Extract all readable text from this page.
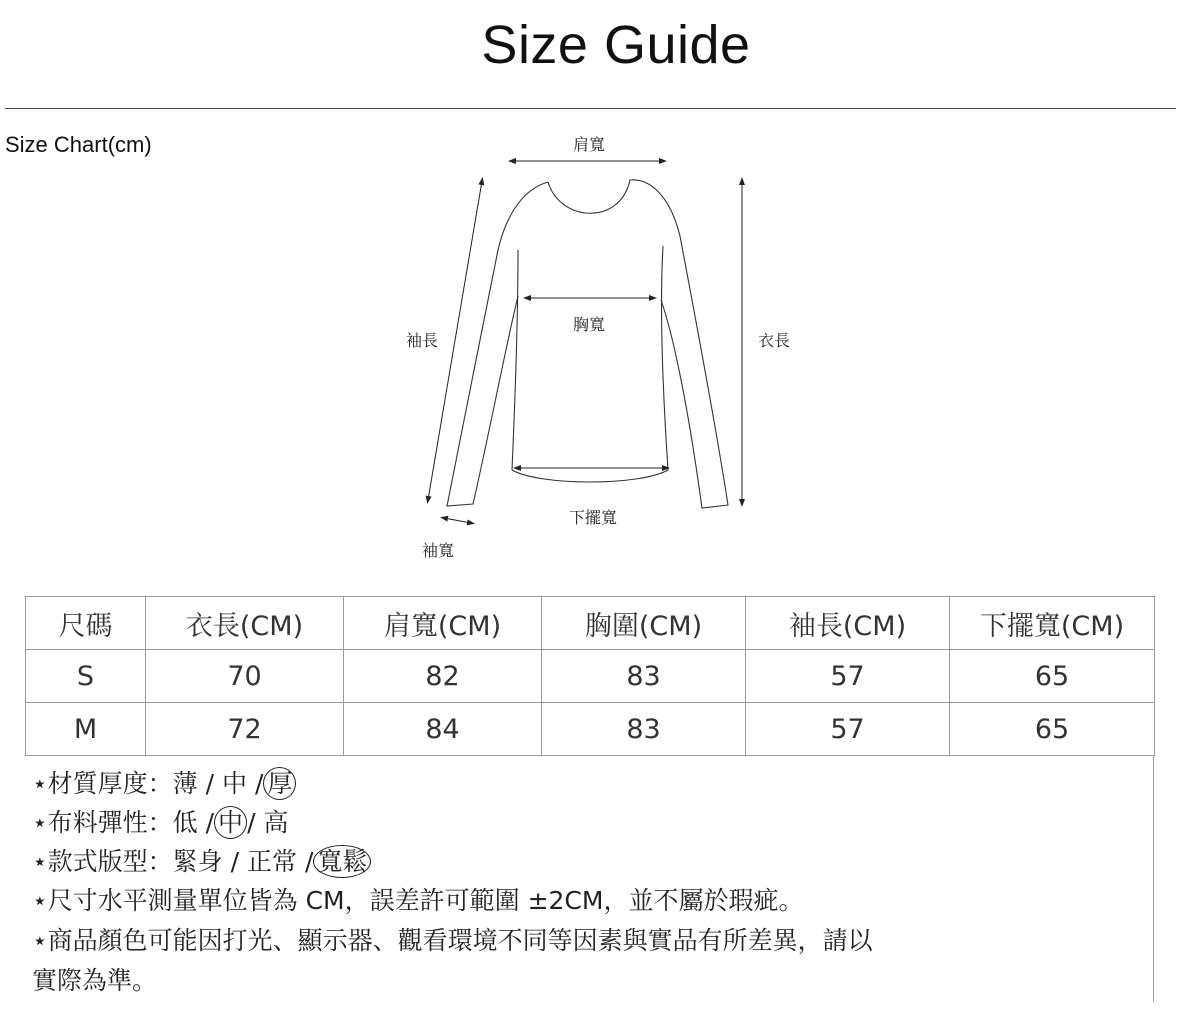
Size Guide
Size Chart(cm)	肩寬
胸寬
袖長	衣長
下擺寬
袖寬
尺碼	衣長(CM)	肩寬(CM)	胸圍(CM)	袖長(CM)	下擺寬(CM)
S	70	82	83	57	65
M	72	84	83	57	65
⋆材質厚度：薄 / 中 / 厚
⋆布料彈性：低 / 中 / 高
⋆款式版型：緊身 / 正常 / 寬鬆
⋆尺寸水平測量單位皆為 CM，誤差許可範圍 ±2CM，並不屬於瑕疵。
⋆商品顏色可能因打光、顯示器、觀看環境不同等因素與實品有所差異，請以
實際為準。
